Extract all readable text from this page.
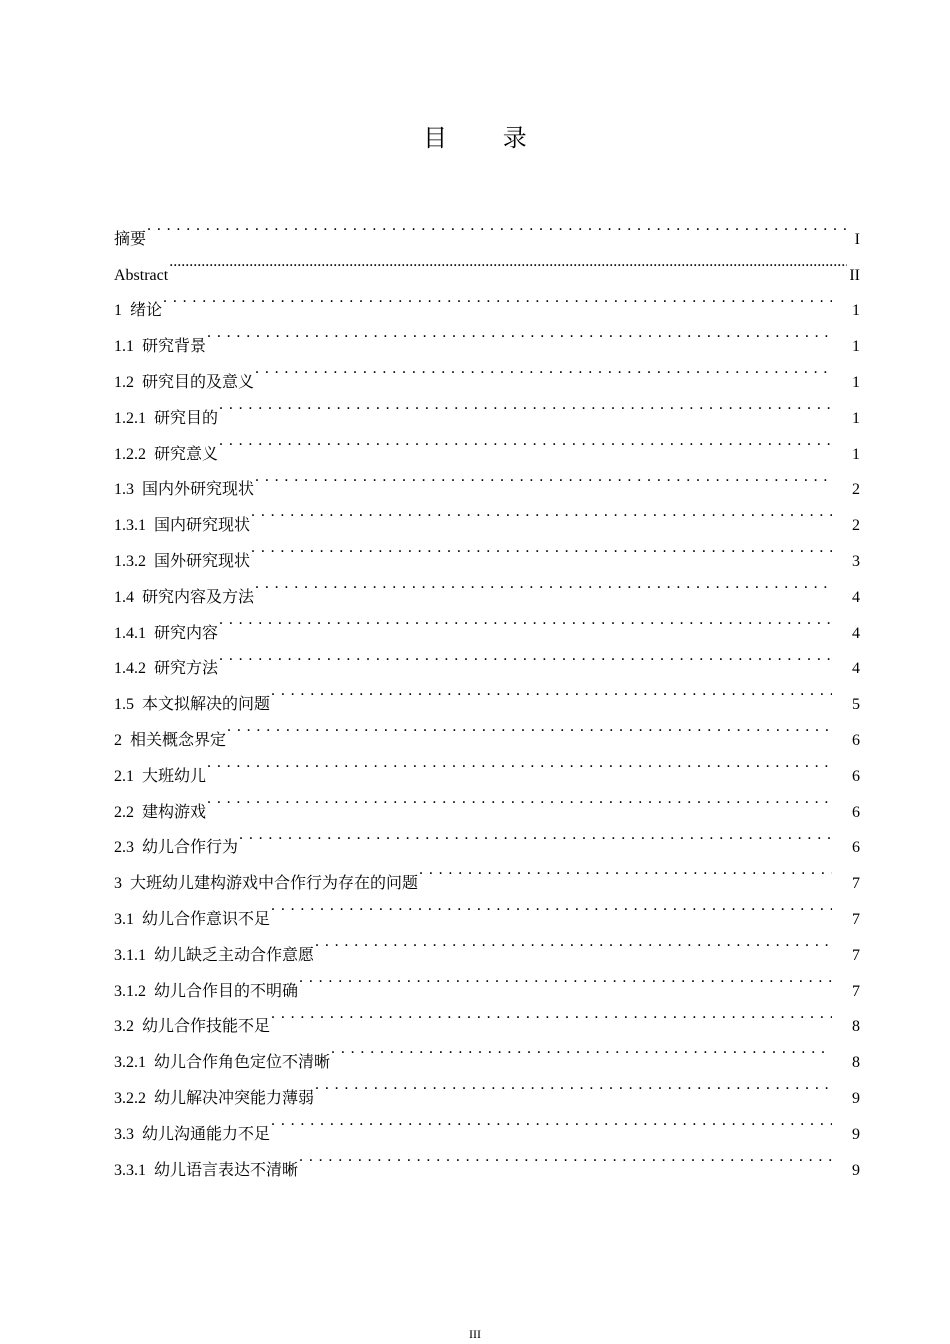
目 录
摘要 . . .	I
Abstract .....	II
1 绪论 . . .	1
1.1 研究背景 . . .	1
1.2 研究目的及意义 . . .	1
1.2.1 研究目的 . . .	1
1.2.2 研究意义 . . .	1
1.3 国内外研究现状 . . .	2
1.3.1 国内研究现状 . . .	2
1.3.2 国外研究现状 . . .	3
1.4 研究内容及方法 . . .	4
1.4.1 研究内容 . . .	4
1.4.2 研究方法 . . .	4
1.5 本文拟解决的问题 . . .	5
2 相关概念界定 . . .	6
2.1 大班幼儿 . . .	6
2.2 建构游戏 . . .	6
2.3 幼儿合作行为 . . .	6
3 大班幼儿建构游戏中合作行为存在的问题 . . .	7
3.1 幼儿合作意识不足 . . .	7
3.1.1 幼儿缺乏主动合作意愿 . . .	7
3.1.2 幼儿合作目的不明确 . . .	7
3.2 幼儿合作技能不足 . . .	8
3.2.1 幼儿合作角色定位不清晰 . . .	8
3.2.2 幼儿解决冲突能力薄弱 . . .	9
3.3 幼儿沟通能力不足 . . .	9
3.3.1 幼儿语言表达不清晰 . . .	9
III
